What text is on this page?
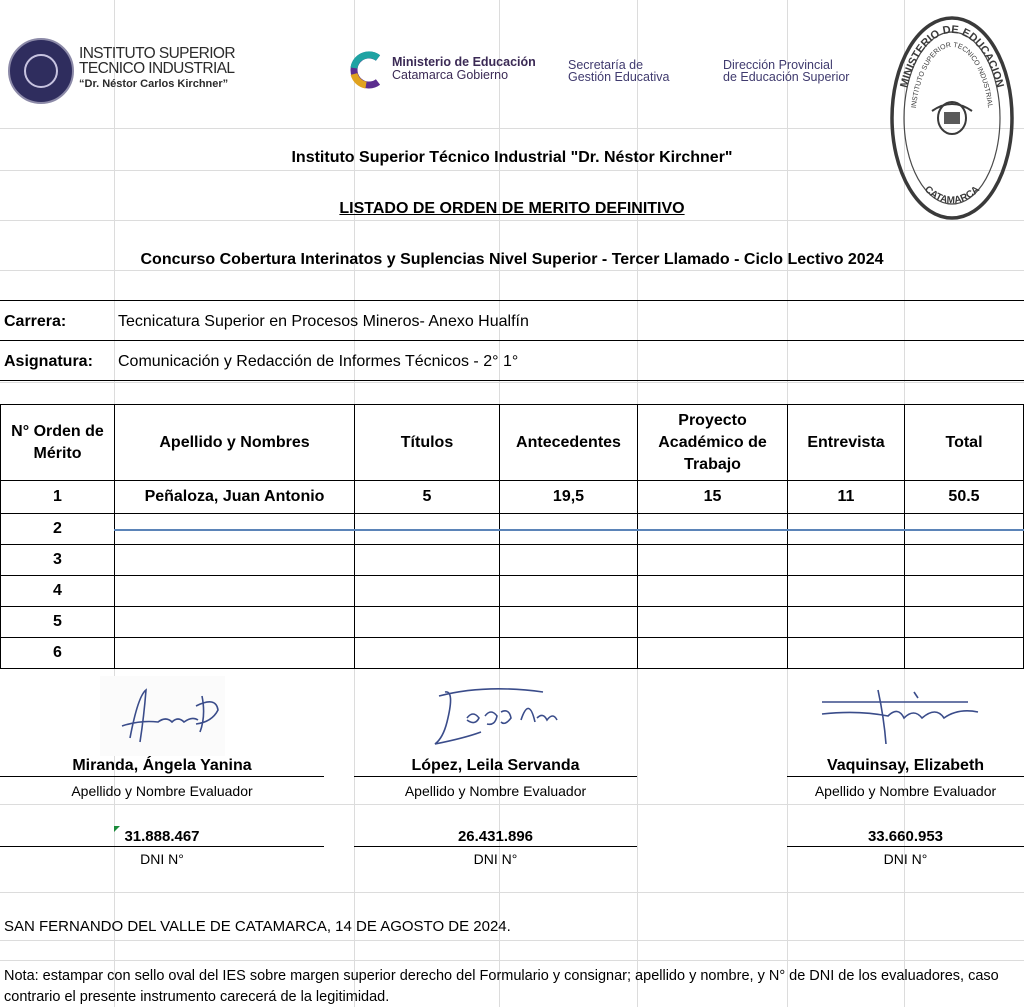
INSTITUTO SUPERIOR
TECNICO INDUSTRIAL
“Dr. Néstor Carlos Kirchner”
Ministerio de Educación
Catamarca Gobierno
Secretaría de
Gestión Educativa
Dirección Provincial
de Educación Superior	MINISTERIO DE EDUCACION
INSTITUTO SUPERIOR TECNICO INDUSTRIAL
CATAMARCA
Instituto Superior Técnico Industrial "Dr. Néstor Kirchner"
LISTADO DE ORDEN DE MERITO DEFINITIVO
Concurso Cobertura Interinatos y Suplencias Nivel Superior - Tercer Llamado - Ciclo Lectivo 2024
Carrera:	Tecnicatura Superior en Procesos Mineros- Anexo Hualfín
Asignatura: Comunicación y Redacción de Informes Técnicos - 2° 1°
N° Orden de Mérito	Apellido y Nombres	Títulos	Antecedentes	Proyecto Académico de Trabajo	Entrevista	Total
1	Peñaloza, Juan Antonio	5	19,5	15	11	50.5
2						
3						
4						
5						
6						
Miranda, Ángela Yanina	López, Leila Servanda	Vaquinsay, Elizabeth
Apellido y Nombre Evaluador	Apellido y Nombre Evaluador	Apellido y Nombre Evaluador
31.888.467	26.431.896	33.660.953
DNI N°	DNI N°	DNI N°
SAN FERNANDO DEL VALLE DE CATAMARCA, 14 DE AGOSTO DE 2024.
Nota: estampar con sello oval del IES sobre margen superior derecho del Formulario y consignar; apellido y nombre, y N° de DNI de los evaluadores, caso contrario el presente instrumento carecerá de la legitimidad.
